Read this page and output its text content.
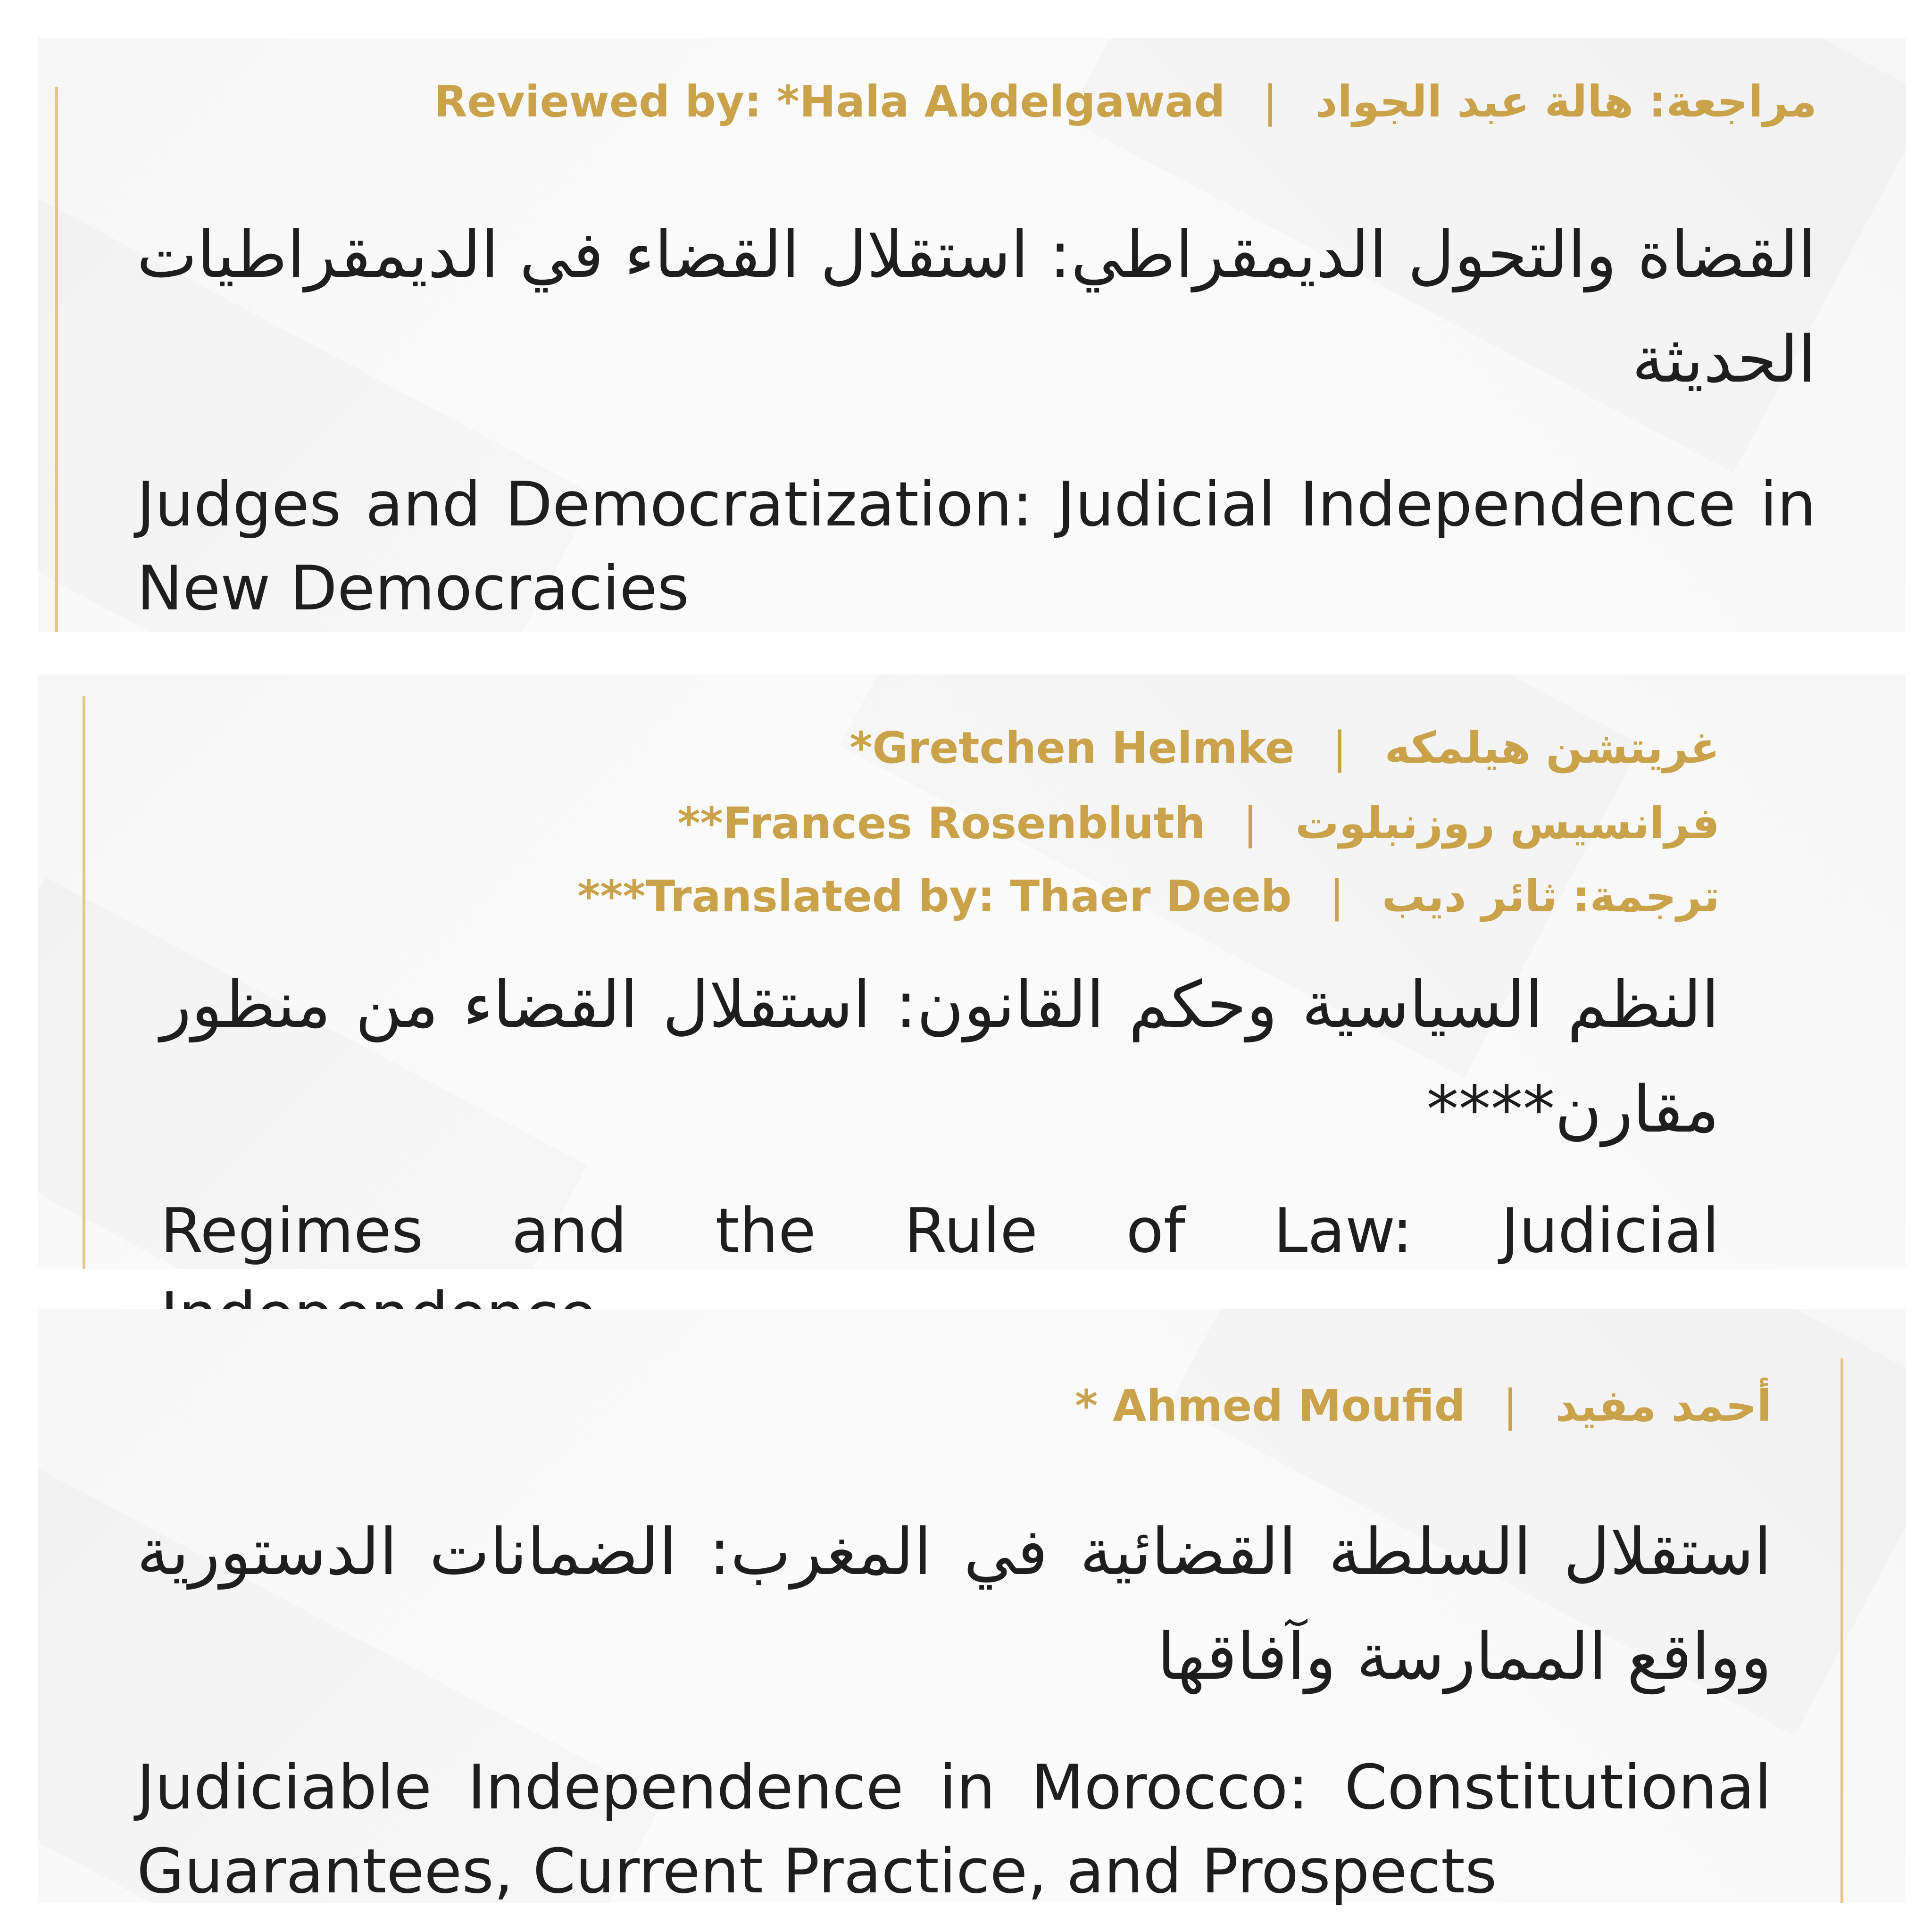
Reviewed by: *Hala Abdelgawad | مراجعة: هالة عبد الجواد
القضاة والتحول الديمقراطي: استقلال القضاء في الديمقراطيات الحديثة
Judges and Democratization: Judicial Independence in New Democracies
*Gretchen Helmke | غريتشن هيلمكه
**Frances Rosenbluth | فرانسيس روزنبلوت
***Translated by: Thaer Deeb | ترجمة: ثائر ديب
النظم السياسية وحكم القانون: استقلال القضاء من منظور مقارن****
Regimes and the Rule of Law: Judicial
* Ahmed Moufid | أحمد مفيد
استقلال السلطة القضائية في المغرب: الضمانات الدستورية وواقع الممارسة وآفاقها
Judiciable Independence in Morocco: Constitutional Guarantees, Current Practice, and Prospects
